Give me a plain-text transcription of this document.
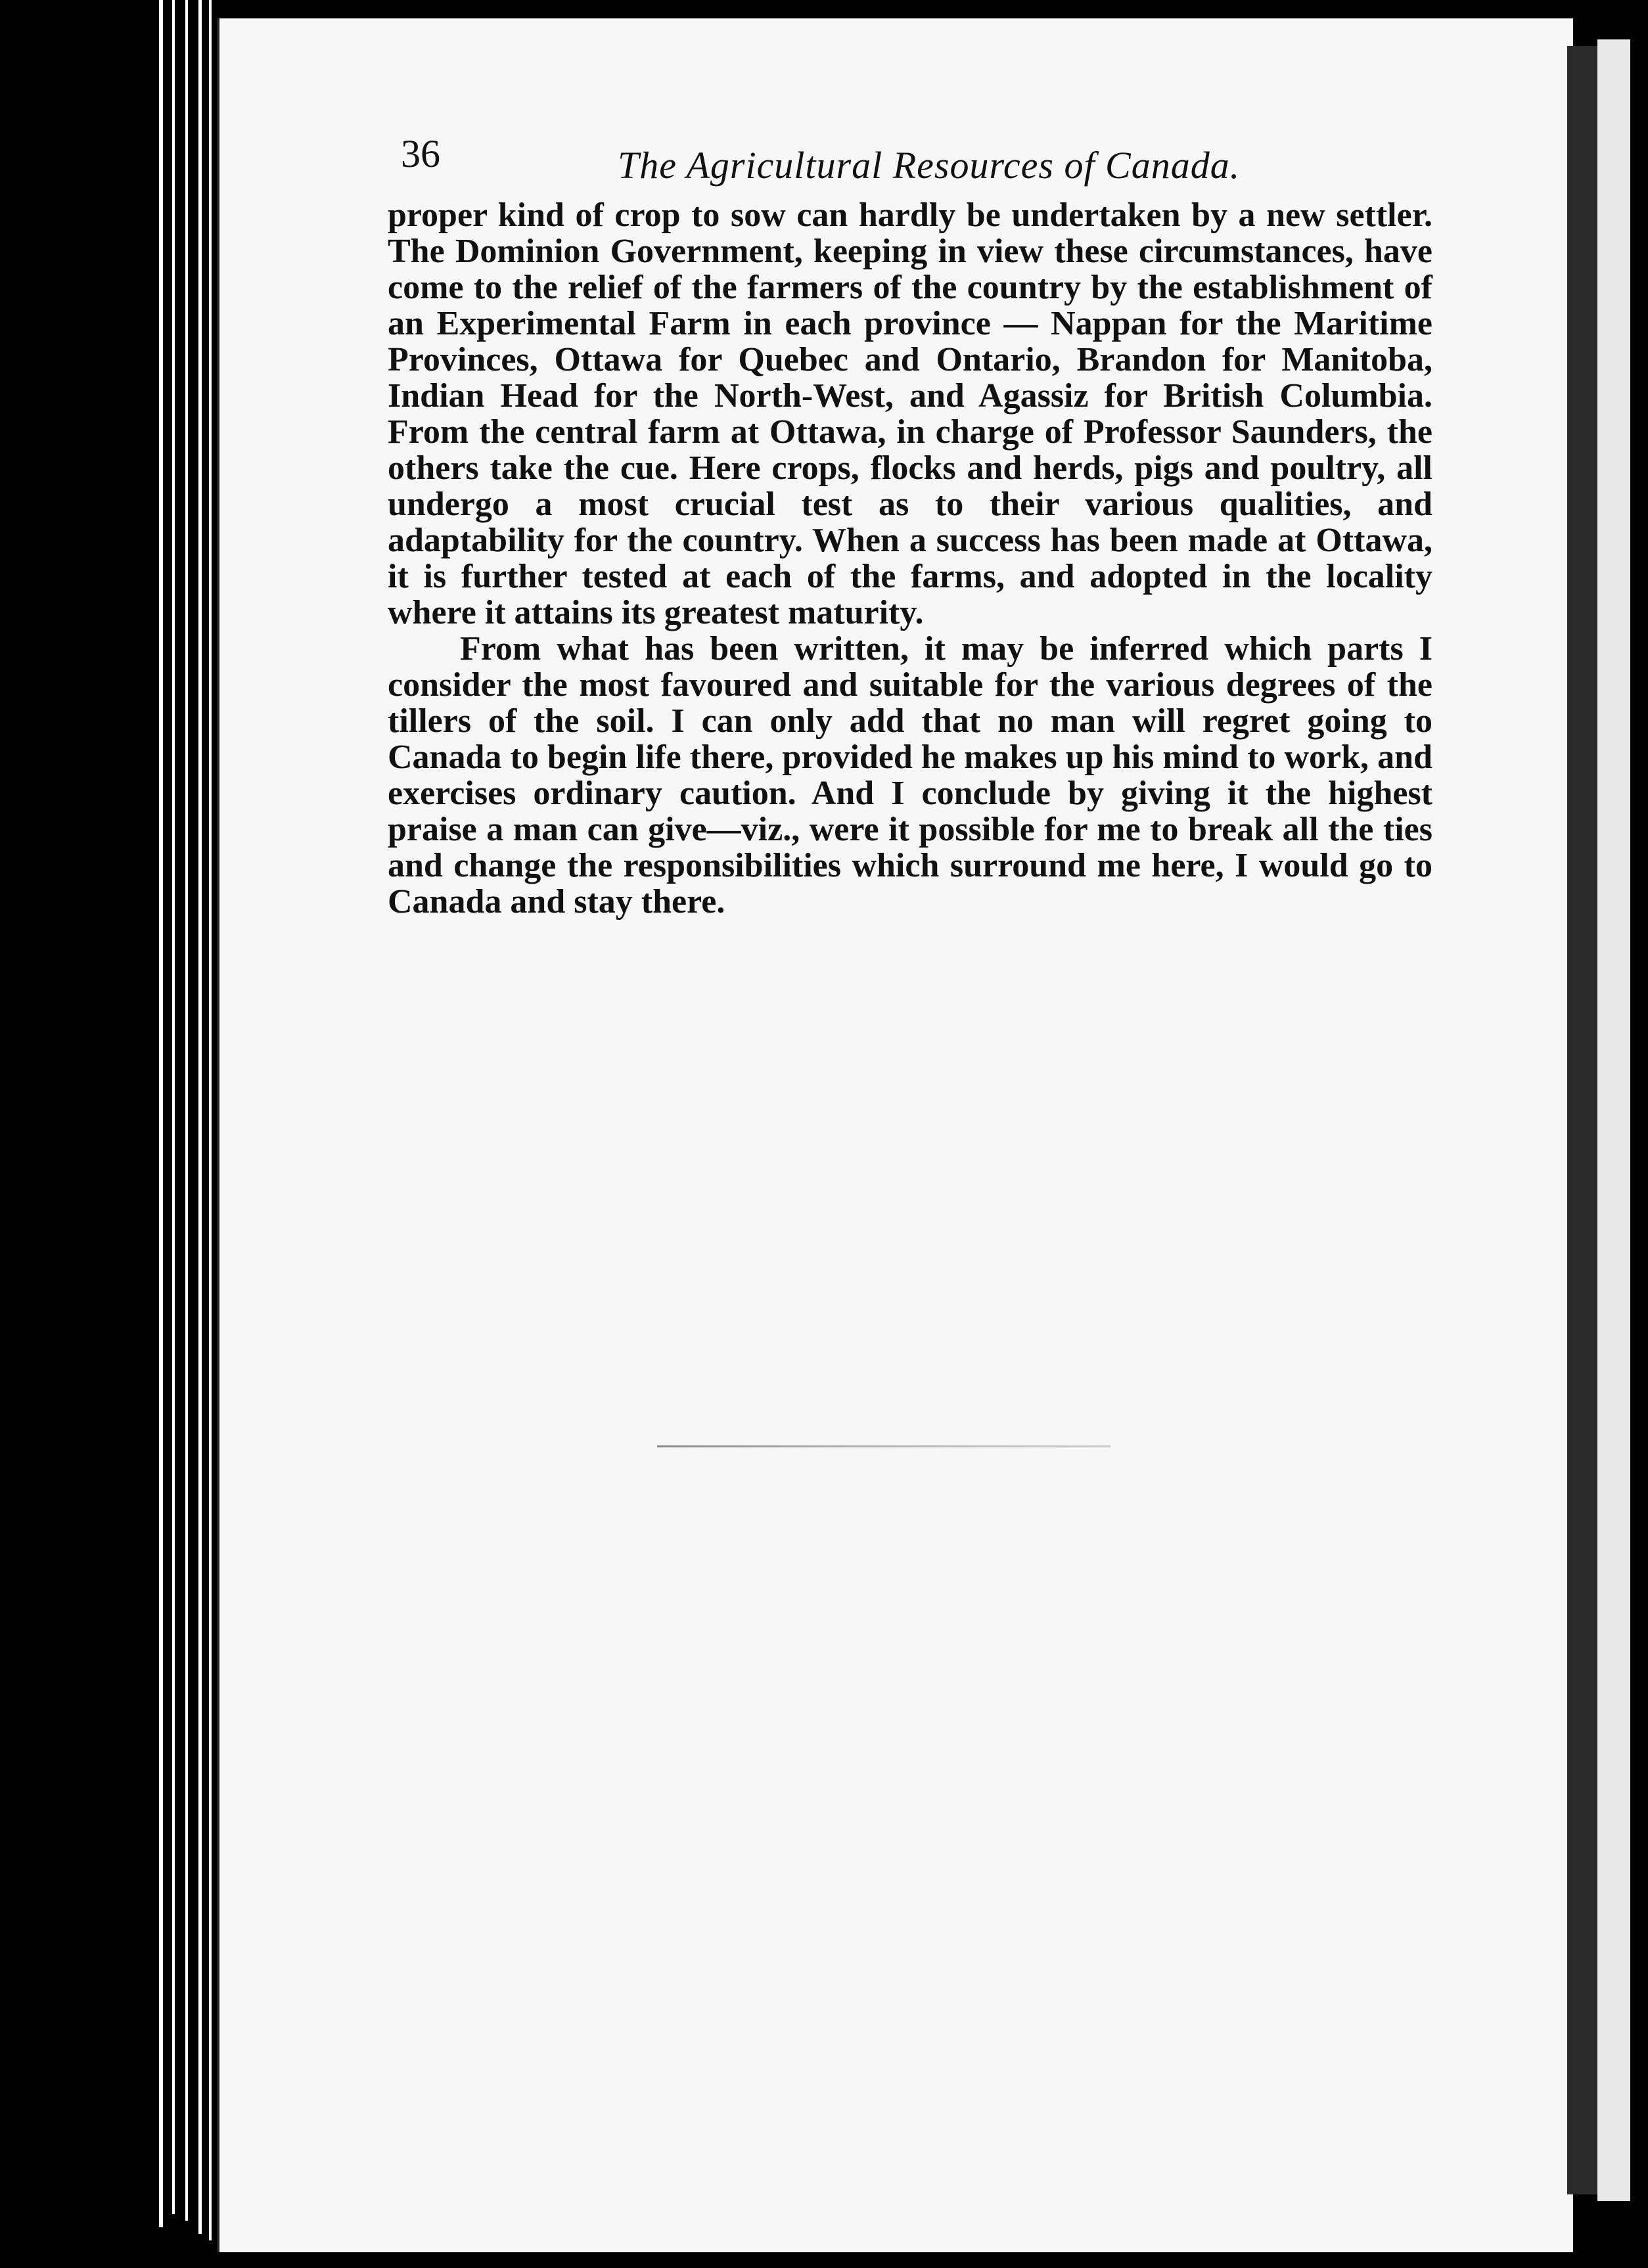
36	The Agricultural Resources of Canada.

proper kind of crop to sow can hardly be undertaken by a new settler. The Dominion Government, keeping in view these circumstances, have come to the relief of the farmers of the country by the establishment of an Experimental Farm in each province — Nappan for the Maritime Provinces, Ottawa for Quebec and Ontario, Brandon for Manitoba, Indian Head for the North-West, and Agassiz for British Columbia. From the central farm at Ottawa, in charge of Professor Saunders, the others take the cue. Here crops, flocks and herds, pigs and poultry, all undergo a most crucial test as to their various qualities, and adaptability for the country. When a success has been made at Ottawa, it is further tested at each of the farms, and adopted in the locality where it attains its greatest maturity.

From what has been written, it may be inferred which parts I consider the most favoured and suitable for the various degrees of the tillers of the soil. I can only add that no man will regret going to Canada to begin life there, provided he makes up his mind to work, and exercises ordinary caution. And I conclude by giving it the highest praise a man can give—viz., were it possible for me to break all the ties and change the responsibilities which surround me here, I would go to Canada and stay there.
